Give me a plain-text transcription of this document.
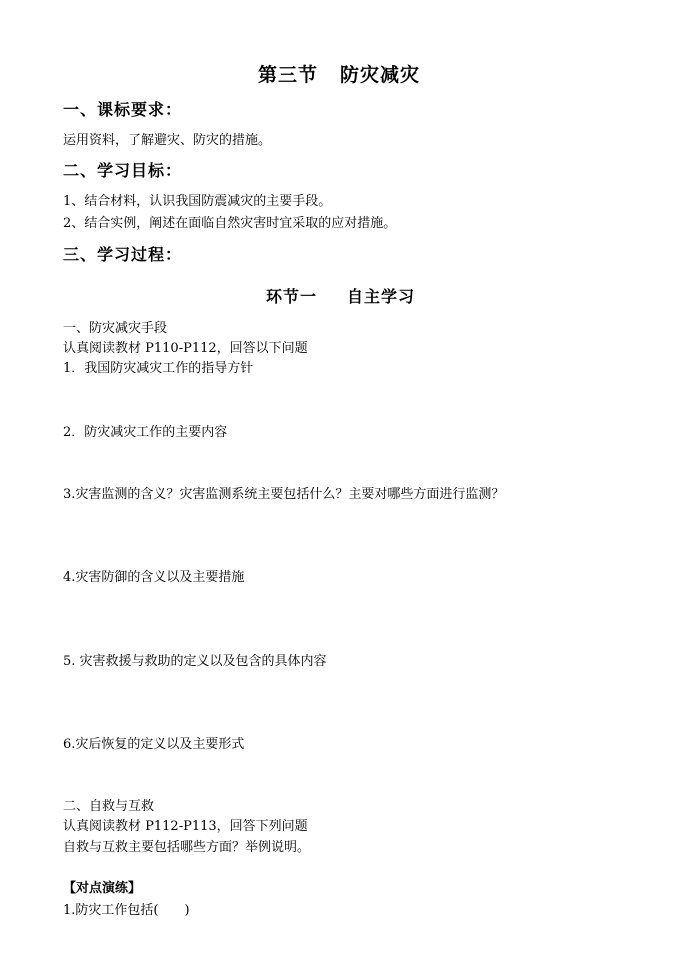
第三节 防灾减灾
一、课标要求：
运用资料，了解避灾、防灾的措施。
二、学习目标：
1、结合材料，认识我国防震减灾的主要手段。
2、结合实例，阐述在面临自然灾害时宜采取的应对措施。
三、学习过程：
环节一 自主学习
一、防灾减灾手段
认真阅读教材 P110-P112，回答以下问题
1．我国防灾减灾工作的指导方针
2．防灾减灾工作的主要内容
3.灾害监测的含义？灾害监测系统主要包括什么？主要对哪些方面进行监测？
4.灾害防御的含义以及主要措施
5. 灾害救援与救助的定义以及包含的具体内容
6.灾后恢复的定义以及主要形式
二、自救与互救
认真阅读教材 P112-P113，回答下列问题
自救与互救主要包括哪些方面？举例说明。
【对点演练】
1.防灾工作包括(　　)
